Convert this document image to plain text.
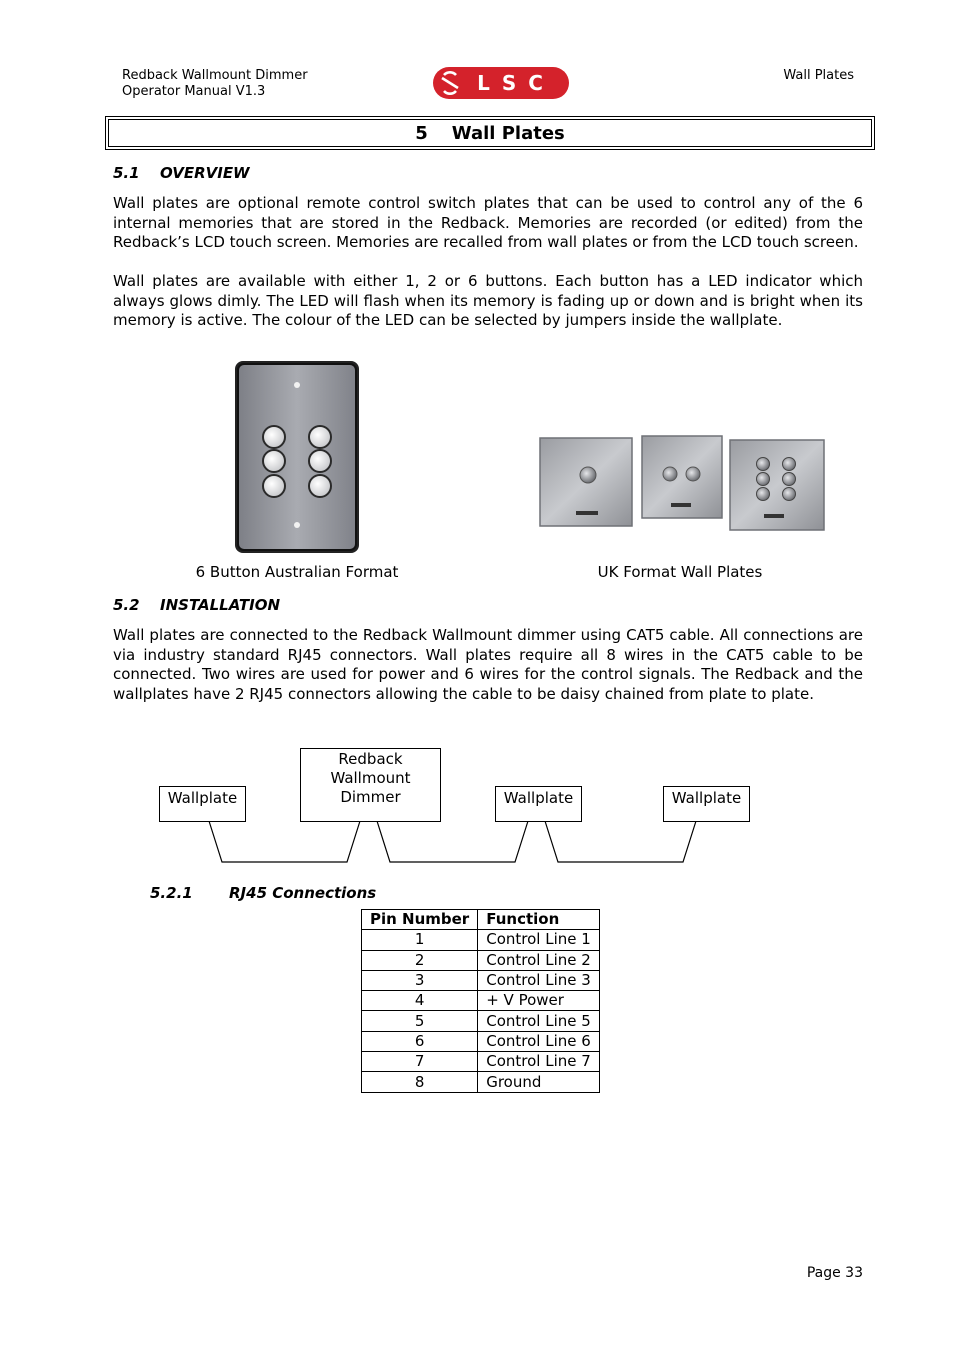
Redback Wallmount Dimmer
Operator Manual V1.3	LSC	Wall Plates
5 Wall Plates
5.1 OVERVIEW

Wall plates are optional remote control switch plates that can be used to control any of the 6 internal memories that are stored in the Redback. Memories are recorded (or edited) from the Redback’s LCD touch screen. Memories are recalled from wall plates or from the LCD touch screen.

Wall plates are available with either 1, 2 or 6 buttons. Each button has a LED indicator which always glows dimly. The LED will flash when its memory is fading up or down and is bright when its memory is active. The colour of the LED can be selected by jumpers inside the wallplate.

6 Button Australian Format	UK Format Wall Plates
5.2 INSTALLATION

Wall plates are connected to the Redback Wallmount dimmer using CAT5 cable. All connections are via industry standard RJ45 connectors. Wall plates require all 8 wires in the CAT5 cable to be connected. Two wires are used for power and 6 wires for the control signals. The Redback and the wallplates have 2 RJ45 connectors allowing the cable to be daisy chained from plate to plate.

Wallplate
Redback
Wallmount
Dimmer	Wallplate	Wallplate
5.2.1 RJ45 Connections
Pin Number	Function
1	Control Line 1
2	Control Line 2
3	Control Line 3
4	+ V Power
5	Control Line 5
6	Control Line 6
7	Control Line 7
8	Ground
Page 33
